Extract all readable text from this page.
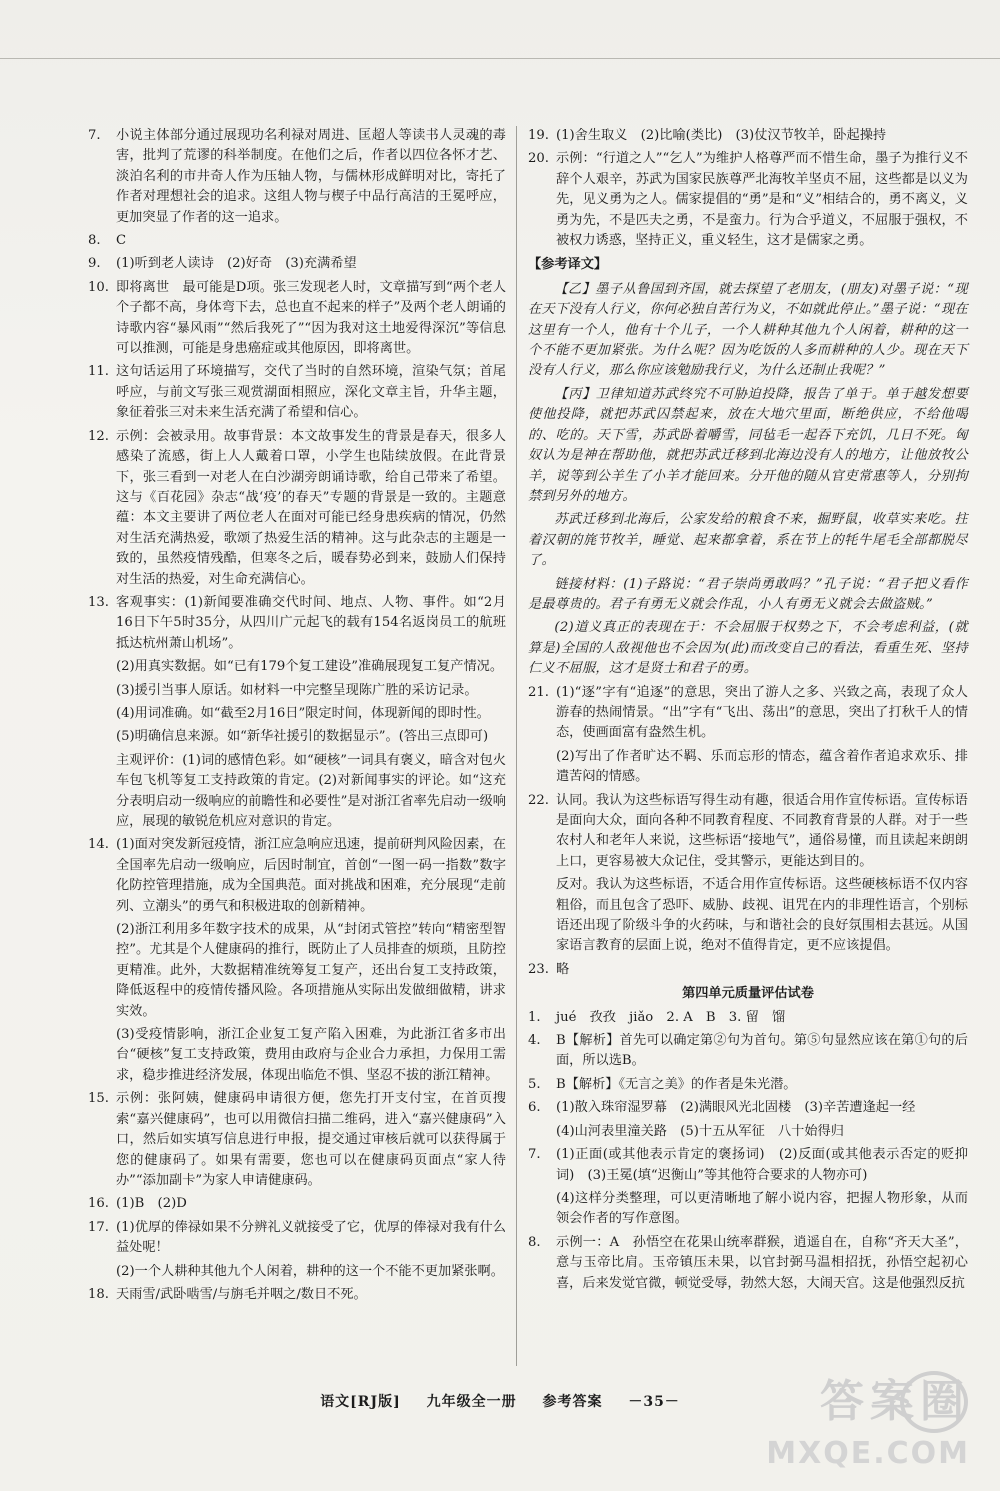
7. 小说主体部分通过展现功名利禄对周进、匡超人等读书人灵魂的毒害，批判了荒谬的科举制度。在他们之后，作者以四位各怀才艺、淡泊名利的市井奇人作为压轴人物，与儒林形成鲜明对比，寄托了作者对理想社会的追求。这组人物与楔子中品行高洁的王冕呼应，更加突显了作者的这一追求。
8. C
9. (1)听到老人读诗　(2)好奇　(3)充满希望
10. 即将离世　最可能是D项。张三发现老人时，文章描写到“两个老人个子都不高，身体弯下去，总也直不起来的样子”及两个老人朗诵的诗歌内容“暴风雨”“然后我死了”“因为我对这土地爱得深沉”等信息可以推测，可能是身患癌症或其他原因，即将离世。
11. 这句话运用了环境描写，交代了当时的自然环境，渲染气氛；首尾呼应，与前文写张三观赏湖面相照应，深化文章主旨，升华主题，象征着张三对未来生活充满了希望和信心。
12. 示例：会被录用。故事背景：本文故事发生的背景是春天，很多人感染了流感，街上人人戴着口罩，小学生也陆续放假。在此背景下，张三看到一对老人在白沙湖旁朗诵诗歌，给自己带来了希望。这与《百花园》杂志“战‘疫’的春天”专题的背景是一致的。主题意蕴：本文主要讲了两位老人在面对可能已经身患疾病的情况，仍然对生活充满热爱，歌颂了热爱生活的精神。这与此杂志的主题是一致的，虽然疫情残酷，但寒冬之后，暖春势必到来，鼓励人们保持对生活的热爱，对生命充满信心。
13. 客观事实：(1)新闻要准确交代时间、地点、人物、事件。如“2月16日下午5时35分，从四川广元起飞的载有154名返岗员工的航班抵达杭州萧山机场”。
(2)用真实数据。如“已有179个复工建设”准确展现复工复产情况。
(3)援引当事人原话。如材料一中完整呈现陈广胜的采访记录。
(4)用词准确。如“截至2月16日”限定时间，体现新闻的即时性。
(5)明确信息来源。如“新华社援引的数据显示”。(答出三点即可)
主观评价：(1)词的感情色彩。如“硬核”一词具有褒义，暗含对包火车包飞机等复工支持政策的肯定。(2)对新闻事实的评论。如“这充分表明启动一级响应的前瞻性和必要性”是对浙江省率先启动一级响应，展现的敏锐危机应对意识的肯定。
14. (1)面对突发新冠疫情，浙江应急响应迅速，提前研判风险因素，在全国率先启动一级响应，后因时制宜，首创“一图一码一指数”数字化防控管理措施，成为全国典范。面对挑战和困难，充分展现“走前列、立潮头”的勇气和积极进取的创新精神。
(2)浙江利用多年数字技术的成果，从“封闭式管控”转向“精密型智控”。尤其是个人健康码的推行，既防止了人员排查的烦琐，且防控更精准。此外，大数据精准统筹复工复产，还出台复工支持政策，降低返程中的疫情传播风险。各项措施从实际出发做细做精，讲求实效。
(3)受疫情影响，浙江企业复工复产陷入困难，为此浙江省多市出台“硬核”复工支持政策，费用由政府与企业合力承担，力保用工需求，稳步推进经济发展，体现出临危不惧、坚忍不拔的浙江精神。
15. 示例：张阿姨，健康码申请很方便，您先打开支付宝，在首页搜索“嘉兴健康码”，也可以用微信扫描二维码，进入“嘉兴健康码”入口，然后如实填写信息进行申报，提交通过审核后就可以获得属于您的健康码了。如果有需要，您也可以在健康码页面点“家人待办”“添加副卡”为家人申请健康码。
16. (1)B　(2)D
17. (1)优厚的俸禄如果不分辨礼义就接受了它，优厚的俸禄对我有什么益处呢！
(2)一个人耕种其他九个人闲着，耕种的这一个不能不更加紧张啊。
18. 天雨雪/武卧啮雪/与旃毛并咽之/数日不死。
19. (1)舍生取义　(2)比喻(类比)　(3)仗汉节牧羊，卧起操持
20. 示例：“行道之人”“乞人”为维护人格尊严而不惜生命，墨子为推行义不辞个人艰辛，苏武为国家民族尊严北海牧羊坚贞不屈，这些都是以义为先，见义勇为之人。儒家提倡的“勇”是和“义”相结合的，勇不离义，义勇为先，不是匹夫之勇，不是蛮力。行为合乎道义，不屈服于强权，不被权力诱惑，坚持正义，重义轻生，这才是儒家之勇。
【参考译文】
【乙】墨子从鲁国到齐国，就去探望了老朋友，(朋友)对墨子说：“现在天下没有人行义，你何必独自苦行为义，不如就此停止。”墨子说：“现在这里有一个人，他有十个儿子，一个人耕种其他九个人闲着，耕种的这一个不能不更加紧张。为什么呢？因为吃饭的人多而耕种的人少。现在天下没有人行义，那么你应该勉励我行义，为什么还制止我呢？”
【丙】卫律知道苏武终究不可胁迫投降，报告了单于。单于越发想要使他投降，就把苏武囚禁起来，放在大地穴里面，断绝供应，不给他喝的、吃的。天下雪，苏武卧着嚼雪，同毡毛一起吞下充饥，几日不死。匈奴认为是神在帮助他，就把苏武迁移到北海边没有人的地方，让他放牧公羊，说等到公羊生了小羊才能回来。分开他的随从官吏常惠等人，分别拘禁到另外的地方。
苏武迁移到北海后，公家发给的粮食不来，掘野鼠，收草实来吃。拄着汉朝的旄节牧羊，睡觉、起来都拿着，系在节上的牦牛尾毛全部都脱尽了。
链接材料：(1)子路说：“君子崇尚勇敢吗？”孔子说：“君子把义看作是最尊贵的。君子有勇无义就会作乱，小人有勇无义就会去做盗贼。”
(2)道义真正的表现在于：不会屈服于权势之下，不会考虑利益，(就算是)全国的人敌视他也不会因为(此)而改变自己的看法，看重生死、坚持仁义不屈服，这才是贤士和君子的勇。
21. (1)“逐”字有“追逐”的意思，突出了游人之多、兴致之高，表现了众人游春的热闹情景。“出”字有“飞出、荡出”的意思，突出了打秋千人的情态，使画面富有盎然生机。
(2)写出了作者旷达不羁、乐而忘形的情态，蕴含着作者追求欢乐、排遣苦闷的情感。
22. 认同。我认为这些标语写得生动有趣，很适合用作宣传标语。宣传标语是面向大众，面向各种不同教育程度、不同教育背景的人群。对于一些农村人和老年人来说，这些标语“接地气”，通俗易懂，而且读起来朗朗上口，更容易被大众记住，受其警示，更能达到目的。
反对。我认为这些标语，不适合用作宣传标语。这些硬核标语不仅内容粗俗，而且包含了恐吓、威胁、歧视、诅咒在内的非理性语言，个别标语还出现了阶级斗争的火药味，与和谐社会的良好氛围相去甚远。从国家语言教育的层面上说，绝对不值得肯定，更不应该提倡。
23. 略
第四单元质量评估试卷
1. jué　孜孜　jiǎo　2. A　B　3. 留　馏
4. B【解析】首先可以确定第②句为首句。第⑤句显然应该在第①句的后面，所以选B。
5. B【解析】《无言之美》的作者是朱光潜。
6. (1)散入珠帘湿罗幕　(2)满眼风光北固楼　(3)辛苦遭逢起一经
(4)山河表里潼关路　(5)十五从军征　八十始得归
7. (1)正面(或其他表示肯定的褒扬词)　(2)反面(或其他表示否定的贬抑词)　(3)王冕(填“迟衡山”等其他符合要求的人物亦可)
(4)这样分类整理，可以更清晰地了解小说内容，把握人物形象，从而领会作者的写作意图。
8. 示例一：A　孙悟空在花果山统率群猴，逍遥自在，自称“齐天大圣”，意与玉帝比肩。玉帝镇压未果，以官封弼马温相招抚，孙悟空起初心喜，后来发觉官微，顿觉受辱，勃然大怒，大闹天宫。这是他强烈反抗
语文[RJ版] 九年级全一册 参考答案 －35－	答案圈
MXQE.COM
